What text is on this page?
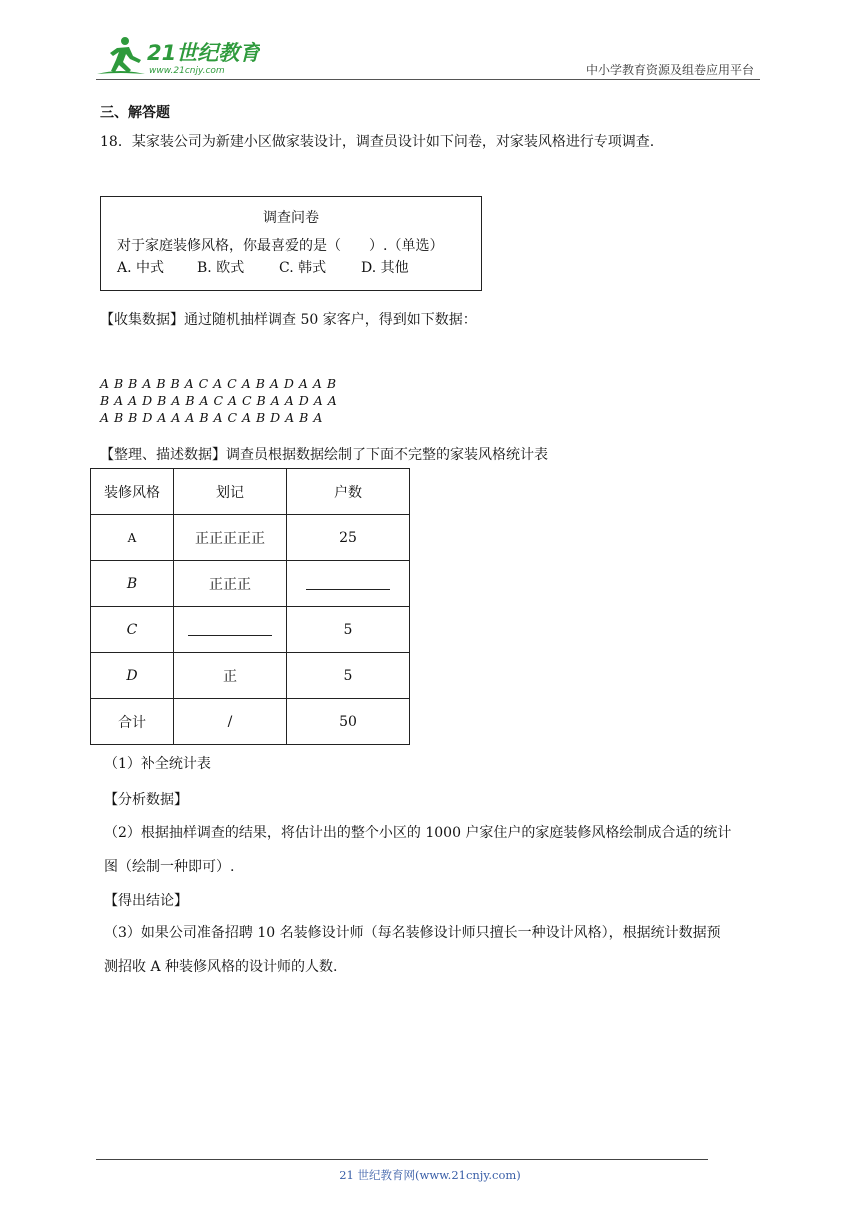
21世纪教育
www.21cnjy.com	中小学教育资源及组卷应用平台
三、解答题
18．某家装公司为新建小区做家装设计，调查员设计如下问卷，对家装风格进行专项调查.
调查问卷
对于家庭装修风格，你最喜爱的是（　　）.（单选）
A. 中式 B. 欧式 C. 韩式 D. 其他
【收集数据】通过随机抽样调查 50 家客户，得到如下数据：
A B B A B B A C A C A B A D A A B
B A A D B A B A C A C B A A D A A
A B B D A A A B A C A B D A B A
【整理、描述数据】调查员根据数据绘制了下面不完整的家装风格统计表
装修风格	划记	户数
A	正正正正正	25
B	正正正	
C		5
D	正	5
合计	/	50
（1）补全统计表
【分析数据】
（2）根据抽样调查的结果，将估计出的整个小区的 1000 户家住户的家庭装修风格绘制成合适的统计
图（绘制一种即可）.
【得出结论】
（3）如果公司准备招聘 10 名装修设计师（每名装修设计师只擅长一种设计风格），根据统计数据预
测招收 A 种装修风格的设计师的人数.
21 世纪教育网(www.21cnjy.com)
